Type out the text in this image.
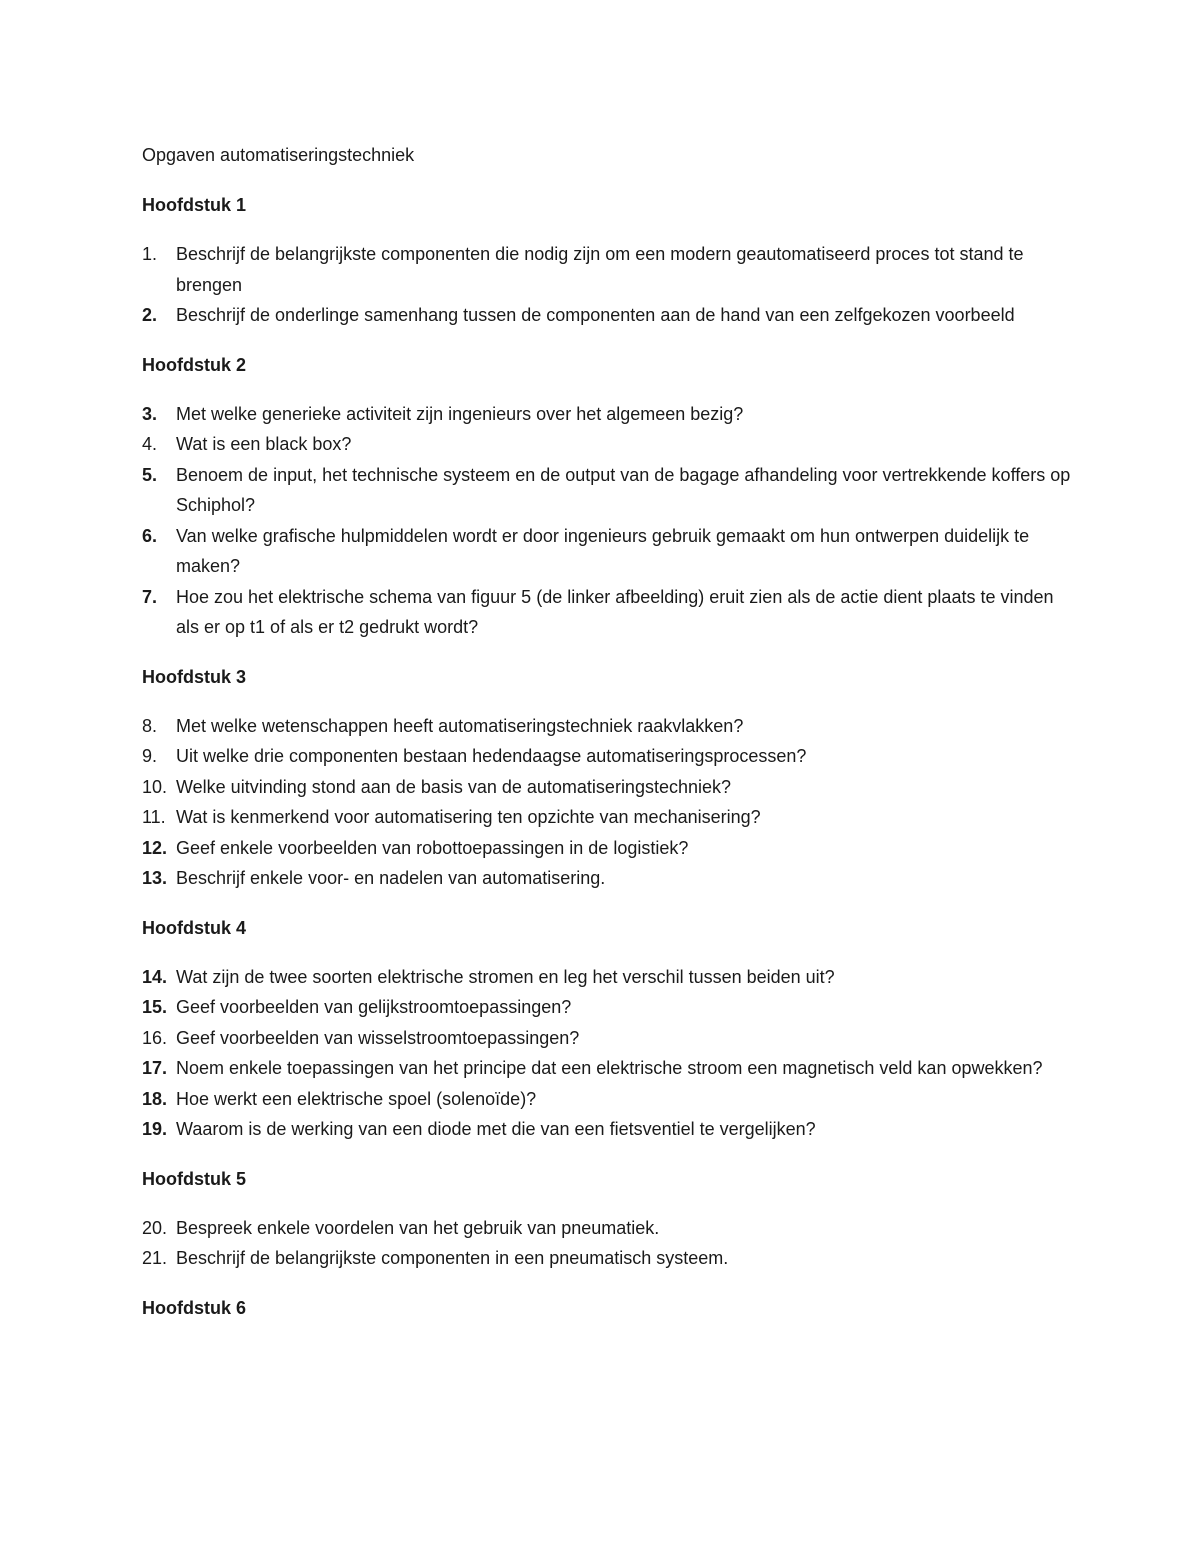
Opgaven automatiseringstechniek
Hoofdstuk 1
1.	Beschrijf de belangrijkste componenten die nodig zijn om een modern geautomatiseerd proces tot stand te brengen
2.	Beschrijf de onderlinge samenhang tussen de componenten aan de hand van een zelfgekozen voorbeeld
Hoofdstuk 2
3.	Met welke generieke activiteit zijn ingenieurs over het algemeen bezig?
4.	Wat is een black box?
5.	Benoem de input, het technische systeem en de output van de bagage afhandeling voor vertrekkende koffers op Schiphol?
6.	Van welke grafische hulpmiddelen wordt er door ingenieurs gebruik gemaakt om hun ontwerpen duidelijk te maken?
7.	Hoe zou het elektrische schema van figuur 5 (de linker afbeelding) eruit zien als de actie dient plaats te vinden als er op t1 of als er t2 gedrukt wordt?
Hoofdstuk 3
8.	Met welke wetenschappen heeft automatiseringstechniek raakvlakken?
9.	Uit welke drie componenten bestaan hedendaagse automatiseringsprocessen?
10. Welke uitvinding stond aan de basis van de automatiseringstechniek?
11. Wat is kenmerkend voor automatisering ten opzichte van mechanisering?
12. Geef enkele voorbeelden van robottoepassingen in de logistiek?
13. Beschrijf enkele voor- en nadelen van automatisering.
Hoofdstuk 4
14. Wat zijn de twee soorten elektrische stromen en leg het verschil tussen beiden uit?
15. Geef voorbeelden van gelijkstroomtoepassingen?
16. Geef voorbeelden van wisselstroomtoepassingen?
17. Noem enkele toepassingen van het principe dat een elektrische stroom een magnetisch veld kan opwekken?
18. Hoe werkt een elektrische spoel (solenoïde)?
19. Waarom is de werking van een diode met die van een fietsventiel te vergelijken?
Hoofdstuk 5
20. Bespreek enkele voordelen van het gebruik van pneumatiek.
21. Beschrijf de belangrijkste componenten in een pneumatisch systeem.
Hoofdstuk 6
